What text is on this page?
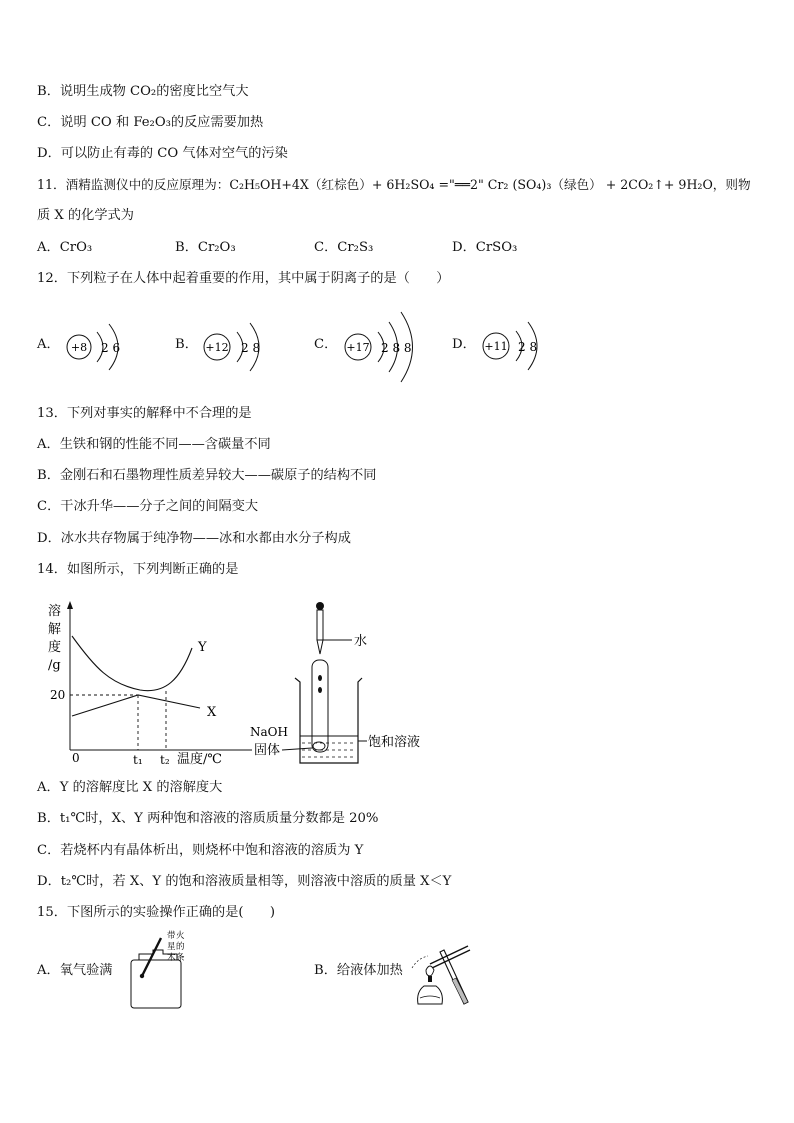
B．说明生成物 CO₂的密度比空气大
C．说明 CO 和 Fe₂O₃的反应需要加热
D．可以防止有毒的 CO 气体对空气的污染
11．酒精监测仪中的反应原理为：C₂H₅OH+4X（红棕色）+ 6H₂SO₄ ="══2" Cr₂ (SO₄)₃（绿色） + 2CO₂↑+ 9H₂O，则物
质 X 的化学式为
A．CrO₃	B．Cr₂O₃	C．Cr₂S₃	D．CrSO₃
12．下列粒子在人体中起着重要的作用，其中属于阴离子的是（　　）
A． +8 2 6	B． +12 2 8	C． +17 2 8 8	D． +11 2 8
13．下列对事实的解释中不合理的是
A．生铁和钢的性能不同——含碳量不同
B．金刚石和石墨物理性质差异较大——碳原子的结构不同
C．干冰升华——分子之间的间隔变大
D．冰水共存物属于纯净物——冰和水都由水分子构成
14．如图所示，下列判断正确的是
溶
解
度
/g
Y
X
20
0	t₁ t₂ 温度/℃
水
饱和溶液
NaOH
固体
A．Y 的溶解度比 X 的溶解度大
B．t₁℃时，X、Y 两种饱和溶液的溶质质量分数都是 20%
C．若烧杯内有晶体析出，则烧杯中饱和溶液的溶质为 Y
D．t₂℃时，若 X、Y 的饱和溶液质量相等，则溶液中溶质的质量 X＜Y
15．下图所示的实验操作正确的是(　　)
A．氧气验满
带 火
星 的
木 条
B．给液体加热
